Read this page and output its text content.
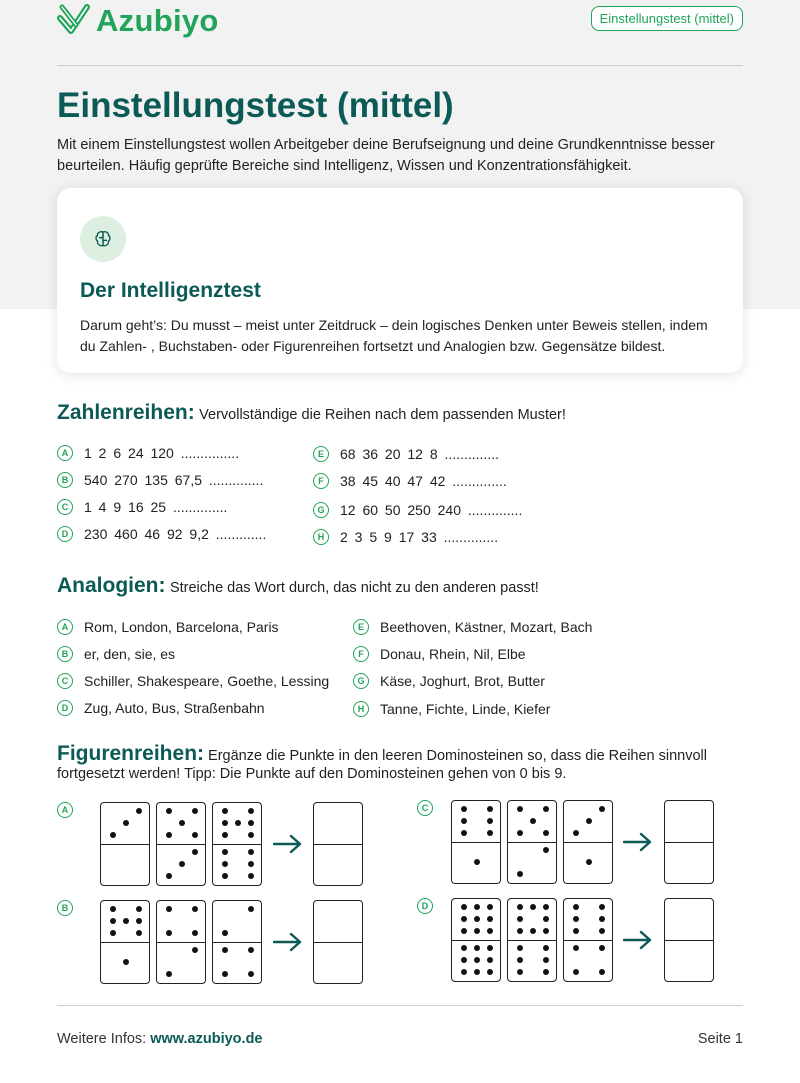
Azubiyo	Einstellungstest (mittel)
Einstellungstest (mittel)

Mit einem Einstellungstest wollen Arbeitgeber deine Berufseignung und deine Grundkenntnisse besser beurteilen. Häufig geprüfte Bereiche sind Intelligenz, Wissen und Konzentrationsfähigkeit.

Der Intelligenztest

Darum geht’s: Du musst – meist unter Zeitdruck – dein logisches Denken unter Beweis stellen, indem du Zahlen- , Buchstaben- oder Figurenreihen fortsetzt und Analogien bzw. Gegensätze bildest.

Zahlenreihen: Vervollständige die Reihen nach dem passenden Muster!
A	1 2 6 24 120 ...............
B	540 270 135 67,5 ..............
C	1 4 9 16 25 ..............
D	230 460 46 92 9,2 .............
E	68 36 20 12 8 ..............
F	38 45 40 47 42 ..............
G	12 60 50 250 240 ..............
H	2 3 5 9 17 33 ..............
Analogien: Streiche das Wort durch, das nicht zu den anderen passt!
A	Rom, London, Barcelona, Paris
B	er, den, sie, es
C	Schiller, Shakespeare, Goethe, Lessing
D	Zug, Auto, Bus, Straßenbahn
E	Beethoven, Kästner, Mozart, Bach
F	Donau, Rhein, Nil, Elbe
G	Käse, Joghurt, Brot, Butter
H	Tanne, Fichte, Linde, Kiefer
Figurenreihen: Ergänze die Punkte in den leeren Dominosteinen so, dass die Reihen sinnvoll fortgesetzt werden! Tipp: Die Punkte auf den Dominosteinen gehen von 0 bis 9.
A
B
C
D
Weitere Infos: www.azubiyo.de	Seite 1
